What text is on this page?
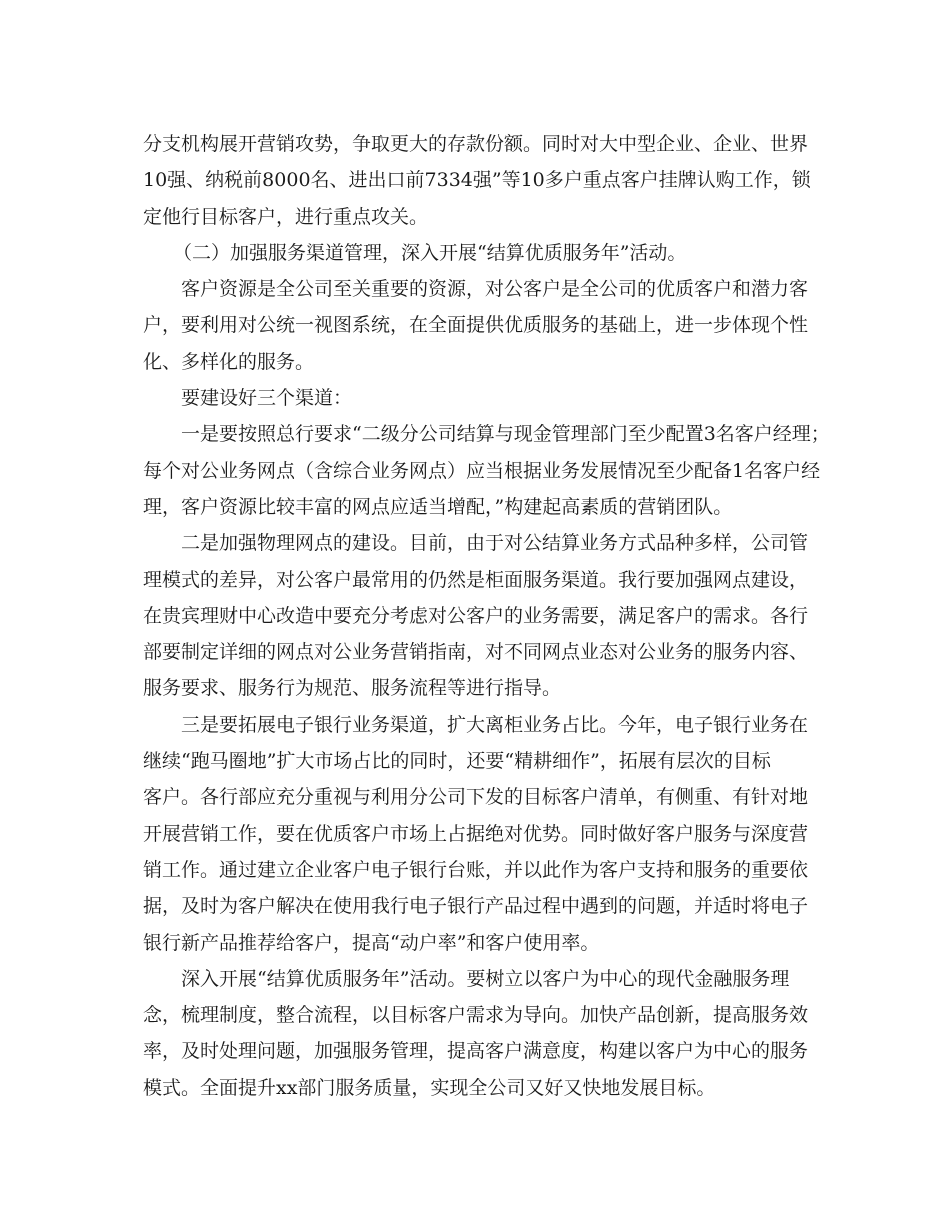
分支机构展开营销攻势，争取更大的存款份额。同时对大中型企业、企业、世界
10强、纳税前8000名、进出口前7334强”等10多户重点客户挂牌认购工作，锁
定他行目标客户，进行重点攻关。
（二）加强服务渠道管理，深入开展“结算优质服务年”活动。
客户资源是全公司至关重要的资源，对公客户是全公司的优质客户和潜力客
户，要利用对公统一视图系统，在全面提供优质服务的基础上，进一步体现个性
化、多样化的服务。
要建设好三个渠道：
一是要按照总行要求“二级分公司结算与现金管理部门至少配置3名客户经理；
每个对公业务网点（含综合业务网点）应当根据业务发展情况至少配备1名客户经
理，客户资源比较丰富的网点应适当增配，”构建起高素质的营销团队。
二是加强物理网点的建设。目前，由于对公结算业务方式品种多样，公司管
理模式的差异，对公客户最常用的仍然是柜面服务渠道。我行要加强网点建设，
在贵宾理财中心改造中要充分考虑对公客户的业务需要，满足客户的需求。各行
部要制定详细的网点对公业务营销指南，对不同网点业态对公业务的服务内容、
服务要求、服务行为规范、服务流程等进行指导。
三是要拓展电子银行业务渠道，扩大离柜业务占比。今年，电子银行业务在
继续“跑马圈地”扩大市场占比的同时，还要“精耕细作”，拓展有层次的目标
客户。各行部应充分重视与利用分公司下发的目标客户清单，有侧重、有针对地
开展营销工作，要在优质客户市场上占据绝对优势。同时做好客户服务与深度营
销工作。通过建立企业客户电子银行台账，并以此作为客户支持和服务的重要依
据，及时为客户解决在使用我行电子银行产品过程中遇到的问题，并适时将电子
银行新产品推荐给客户，提高“动户率”和客户使用率。
深入开展“结算优质服务年”活动。要树立以客户为中心的现代金融服务理
念，梳理制度，整合流程，以目标客户需求为导向。加快产品创新，提高服务效
率，及时处理问题，加强服务管理，提高客户满意度，构建以客户为中心的服务
模式。全面提升xx部门服务质量，实现全公司又好又快地发展目标。
